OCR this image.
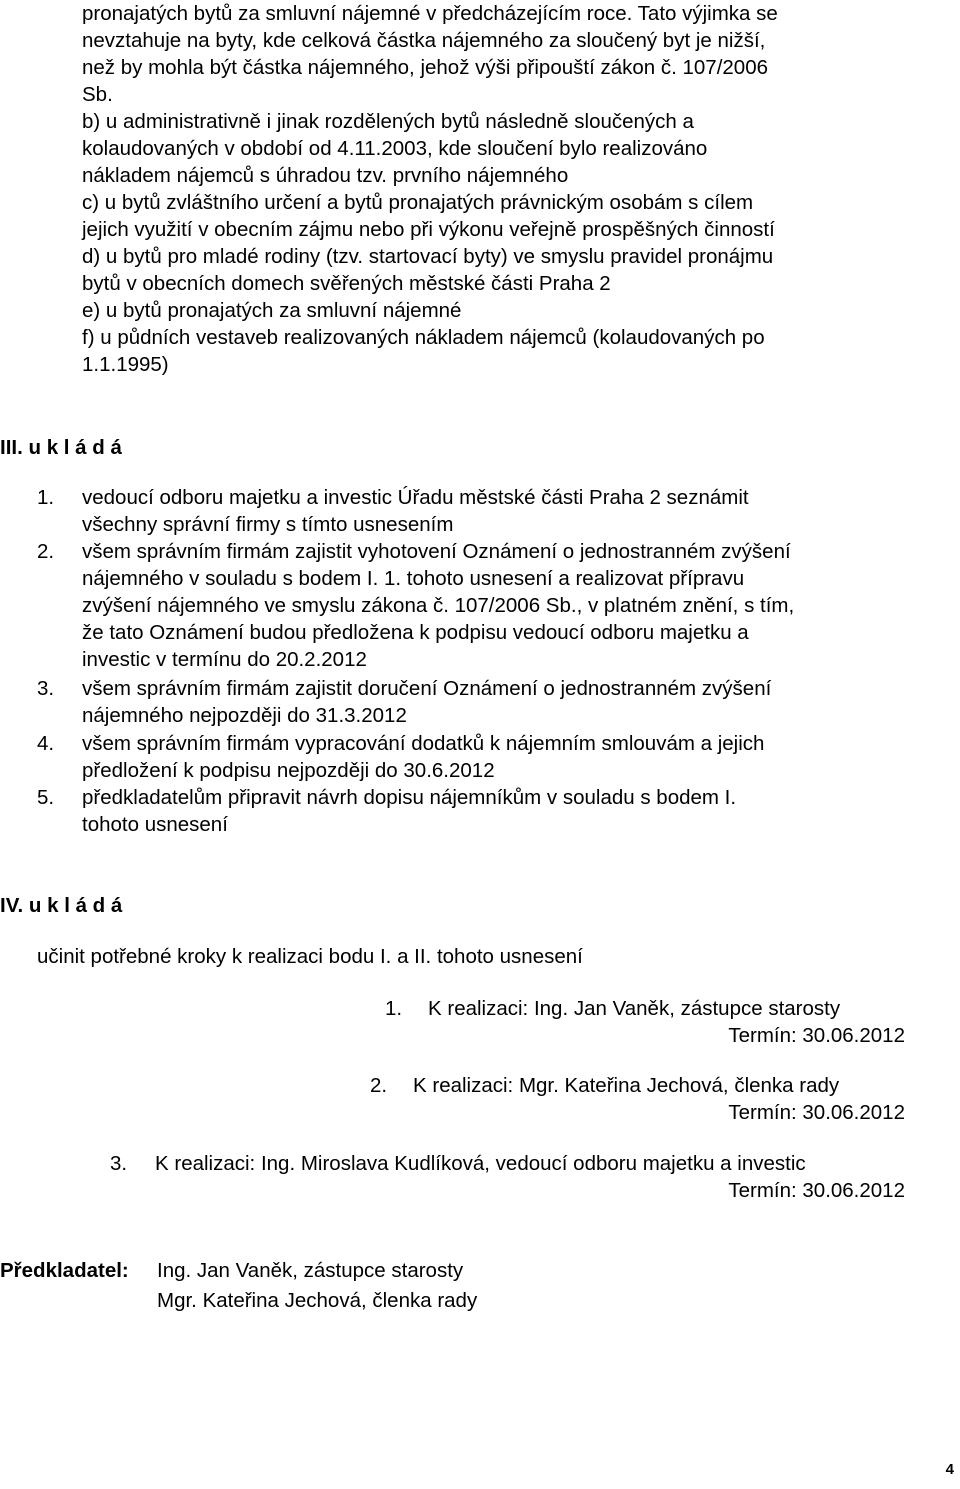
pronajatých bytů za smluvní nájemné v předcházejícím roce. Tato výjimka se
nevztahuje na byty, kde celková částka nájemného za sloučený byt je nižší,
než by mohla být částka nájemného, jehož výši připouští zákon č. 107/2006
Sb.
b) u administrativně i jinak rozdělených bytů následně sloučených a
kolaudovaných v období od 4.11.2003, kde sloučení bylo realizováno
nákladem nájemců s úhradou tzv. prvního nájemného
c) u bytů zvláštního určení a bytů pronajatých právnickým osobám s cílem
jejich využití v obecním zájmu nebo při výkonu veřejně prospěšných činností
d) u bytů pro mladé rodiny (tzv. startovací byty) ve smyslu pravidel pronájmu
bytů v obecních domech svěřených městské části Praha 2
e) u bytů pronajatých za smluvní nájemné
f) u půdních vestaveb realizovaných nákladem nájemců (kolaudovaných po
1.1.1995)
III. u k l á d á
1. vedoucí odboru majetku a investic Úřadu městské části Praha 2 seznámit
všechny správní firmy s tímto usnesením
2. všem správním firmám zajistit vyhotovení Oznámení o jednostranném zvýšení
nájemného v souladu s bodem I. 1. tohoto usnesení a realizovat přípravu
zvýšení nájemného ve smyslu zákona č. 107/2006 Sb., v platném znění, s tím,
že tato Oznámení budou předložena k podpisu vedoucí odboru majetku a
investic v termínu do 20.2.2012
3. všem správním firmám zajistit doručení Oznámení o jednostranném zvýšení
nájemného nejpozději do 31.3.2012
4. všem správním firmám vypracování dodatků k nájemním smlouvám a jejich
předložení k podpisu nejpozději do 30.6.2012
5. předkladatelům připravit návrh dopisu nájemníkům v souladu s bodem I.
tohoto usnesení
IV. u k l á d á
učinit potřebné kroky k realizaci bodu I. a II. tohoto usnesení
1. K realizaci: Ing. Jan Vaněk, zástupce starosty
Termín: 30.06.2012
2. K realizaci: Mgr. Kateřina Jechová, členka rady
Termín: 30.06.2012
3. K realizaci: Ing. Miroslava Kudlíková, vedoucí odboru majetku a investic
Termín: 30.06.2012
Předkladatel: Ing. Jan Vaněk, zástupce starosty
Mgr. Kateřina Jechová, členka rady
4
